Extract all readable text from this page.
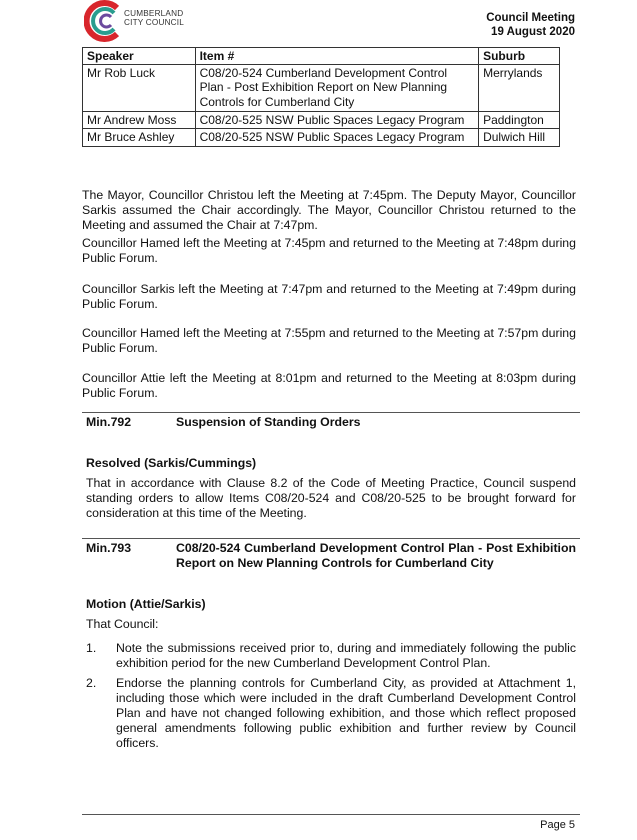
CUMBERLAND
CITY COUNCIL	Council Meeting
19 August 2020
Speaker	Item #	Suburb
Mr Rob Luck	C08/20-524 Cumberland Development Control Plan - Post Exhibition Report on New Planning Controls for Cumberland City	Merrylands
Mr Andrew Moss	C08/20-525 NSW Public Spaces Legacy Program	Paddington
Mr Bruce Ashley	C08/20-525 NSW Public Spaces Legacy Program	Dulwich Hill

The Mayor, Councillor Christou left the Meeting at 7:45pm. The Deputy Mayor, Councillor Sarkis assumed the Chair accordingly. The Mayor, Councillor Christou returned to the Meeting and assumed the Chair at 7:47pm.

Councillor Hamed left the Meeting at 7:45pm and returned to the Meeting at 7:48pm during Public Forum.

Councillor Sarkis left the Meeting at 7:47pm and returned to the Meeting at 7:49pm during Public Forum.

Councillor Hamed left the Meeting at 7:55pm and returned to the Meeting at 7:57pm during Public Forum.

Councillor Attie left the Meeting at 8:01pm and returned to the Meeting at 8:03pm during Public Forum.

Min.792	Suspension of Standing Orders
Resolved (Sarkis/Cummings)

That in accordance with Clause 8.2 of the Code of Meeting Practice, Council suspend standing orders to allow Items C08/20-524 and C08/20-525 to be brought forward for consideration at this time of the Meeting.

Min.793	C08/20-524 Cumberland Development Control Plan - Post Exhibition Report on New Planning Controls for Cumberland City
Motion (Attie/Sarkis)
That Council:
1. Note the submissions received prior to, during and immediately following the public exhibition period for the new Cumberland Development Control Plan.
2. Endorse the planning controls for Cumberland City, as provided at Attachment 1, including those which were included in the draft Cumberland Development Control Plan and have not changed following exhibition, and those which reflect proposed general amendments following public exhibition and further review by Council officers.
Page 5
